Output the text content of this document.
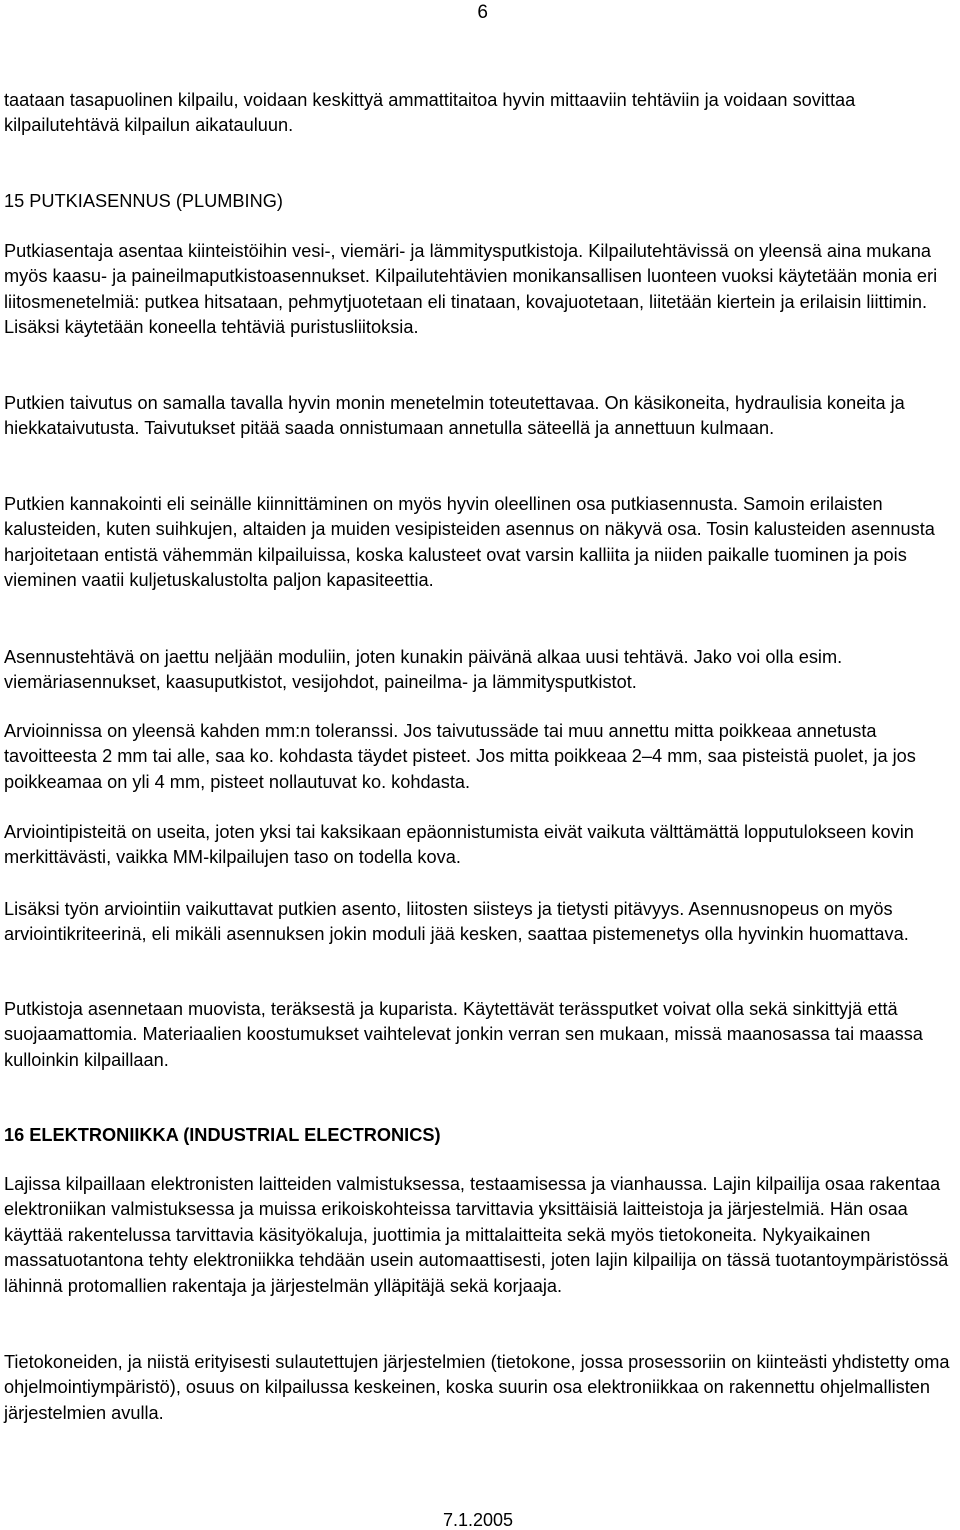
6

taataan tasapuolinen kilpailu, voidaan keskittyä ammattitaitoa hyvin mittaaviin tehtäviin ja voidaan sovittaa kilpailutehtävä kilpailun aikatauluun.

15 PUTKIASENNUS (PLUMBING)

Putkiasentaja asentaa kiinteistöihin vesi-, viemäri- ja lämmitysputkistoja. Kilpailutehtävissä on yleensä aina mukana myös kaasu- ja paineilmaputkistoasennukset. Kilpailutehtävien monikansallisen luonteen vuoksi käytetään monia eri liitosmenetelmiä: putkea hitsataan, pehmytjuotetaan eli tinataan, kovajuotetaan, liitetään kiertein ja erilaisin liittimin. Lisäksi käytetään koneella tehtäviä puristusliitoksia.

Putkien taivutus on samalla tavalla hyvin monin menetelmin toteutettavaa. On käsikoneita, hydraulisia koneita ja hiekkataivutusta. Taivutukset pitää saada onnistumaan annetulla säteellä ja annettuun kulmaan.

Putkien kannakointi eli seinälle kiinnittäminen on myös hyvin oleellinen osa putkiasennusta. Samoin erilaisten kalusteiden, kuten suihkujen, altaiden ja muiden vesipisteiden asennus on näkyvä osa. Tosin kalusteiden asennusta harjoitetaan entistä vähemmän kilpailuissa, koska kalusteet ovat varsin kalliita ja niiden paikalle tuominen ja pois vieminen vaatii kuljetuskalustolta paljon kapasiteettia.

Asennustehtävä on jaettu neljään moduliin, joten kunakin päivänä alkaa uusi tehtävä. Jako voi olla esim. viemäriasennukset, kaasuputkistot, vesijohdot, paineilma- ja lämmitysputkistot.

Arvioinnissa on yleensä kahden mm:n toleranssi. Jos taivutussäde tai muu annettu mitta poikkeaa annetusta tavoitteesta 2 mm tai alle, saa ko. kohdasta täydet pisteet. Jos mitta poikkeaa 2–4 mm, saa pisteistä puolet, ja jos poikkeamaa on yli 4 mm, pisteet nollautuvat ko. kohdasta.

Arviointipisteitä on useita, joten yksi tai kaksikaan epäonnistumista eivät vaikuta välttämättä lopputulokseen kovin merkittävästi, vaikka MM-kilpailujen taso on todella kova.

Lisäksi työn arviointiin vaikuttavat putkien asento, liitosten siisteys ja tietysti pitävyys. Asennusnopeus on myös arviointikriteerinä, eli mikäli asennuksen jokin moduli jää kesken, saattaa pistemenetys olla hyvinkin huomattava.

Putkistoja asennetaan muovista, teräksestä ja kuparista. Käytettävät terässputket voivat olla sekä sinkittyjä että suojaamattomia. Materiaalien koostumukset vaihtelevat jonkin verran sen mukaan, missä maanosassa tai maassa kulloinkin kilpaillaan.

16 ELEKTRONIIKKA (INDUSTRIAL ELECTRONICS)

Lajissa kilpaillaan elektronisten laitteiden valmistuksessa, testaamisessa ja vianhaussa. Lajin kilpailija osaa rakentaa elektroniikan valmistuksessa ja muissa erikoiskohteissa tarvittavia yksittäisiä laitteistoja ja järjestelmiä. Hän osaa käyttää rakentelussa tarvittavia käsityökaluja, juottimia ja mittalaitteita sekä myös tietokoneita. Nykyaikainen massatuotantona tehty elektroniikka tehdään usein automaattisesti, joten lajin kilpailija on tässä tuotantoympäristössä lähinnä protomallien rakentaja ja järjestelmän ylläpitäjä sekä korjaaja.

Tietokoneiden, ja niistä erityisesti sulautettujen järjestelmien (tietokone, jossa prosessoriin on kiinteästi yhdistetty oma ohjelmointiympäristö), osuus on kilpailussa keskeinen, koska suurin osa elektroniikkaa on rakennettu ohjelmallisten järjestelmien avulla.

7.1.2005
